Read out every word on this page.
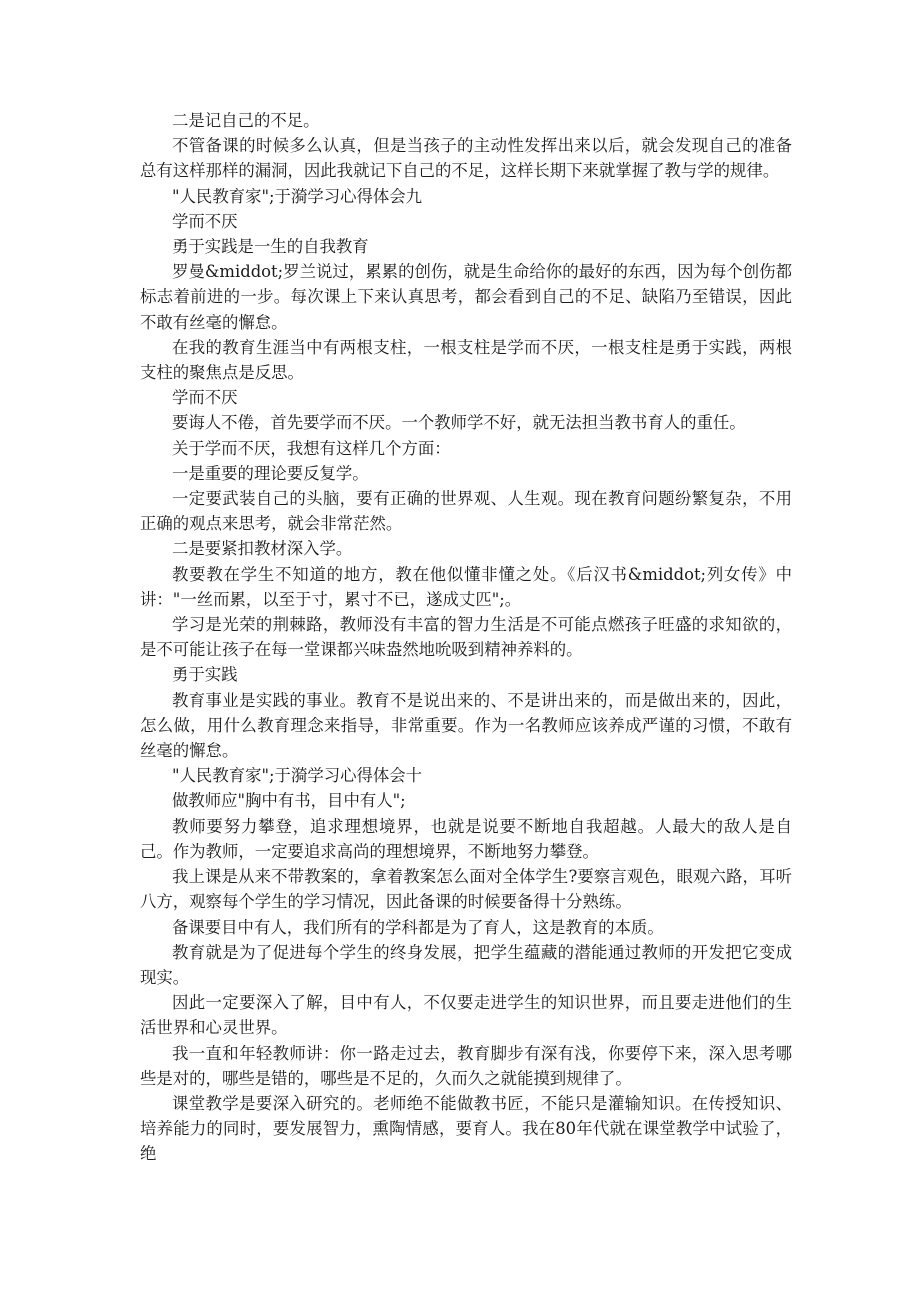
二是记自己的不足。

不管备课的时候多么认真，但是当孩子的主动性发挥出来以后，就会发现自己的准备总有这样那样的漏洞，因此我就记下自己的不足，这样长期下来就掌握了教与学的规律。

"人民教育家";于漪学习心得体会九

学而不厌

勇于实践是一生的自我教育

罗曼&middot;罗兰说过，累累的创伤，就是生命给你的最好的东西，因为每个创伤都标志着前进的一步。每次课上下来认真思考，都会看到自己的不足、缺陷乃至错误，因此不敢有丝毫的懈怠。

在我的教育生涯当中有两根支柱，一根支柱是学而不厌，一根支柱是勇于实践，两根支柱的聚焦点是反思。

学而不厌

要诲人不倦，首先要学而不厌。一个教师学不好，就无法担当教书育人的重任。

关于学而不厌，我想有这样几个方面：

一是重要的理论要反复学。

一定要武装自己的头脑，要有正确的世界观、人生观。现在教育问题纷繁复杂，不用正确的观点来思考，就会非常茫然。

二是要紧扣教材深入学。

教要教在学生不知道的地方，教在他似懂非懂之处。《后汉书&middot;列女传》中讲："一丝而累，以至于寸，累寸不已，遂成丈匹";。

学习是光荣的荆棘路，教师没有丰富的智力生活是不可能点燃孩子旺盛的求知欲的，是不可能让孩子在每一堂课都兴味盎然地吮吸到精神养料的。

勇于实践

教育事业是实践的事业。教育不是说出来的、不是讲出来的，而是做出来的，因此，怎么做，用什么教育理念来指导，非常重要。作为一名教师应该养成严谨的习惯，不敢有丝毫的懈怠。

"人民教育家";于漪学习心得体会十

做教师应"胸中有书，目中有人";

教师要努力攀登，追求理想境界，也就是说要不断地自我超越。人最大的敌人是自己。作为教师，一定要追求高尚的理想境界，不断地努力攀登。

我上课是从来不带教案的，拿着教案怎么面对全体学生?要察言观色，眼观六路，耳听八方，观察每个学生的学习情况，因此备课的时候要备得十分熟练。

备课要目中有人，我们所有的学科都是为了育人，这是教育的本质。

教育就是为了促进每个学生的终身发展，把学生蕴藏的潜能通过教师的开发把它变成现实。

因此一定要深入了解，目中有人，不仅要走进学生的知识世界，而且要走进他们的生活世界和心灵世界。

我一直和年轻教师讲：你一路走过去，教育脚步有深有浅，你要停下来，深入思考哪些是对的，哪些是错的，哪些是不足的，久而久之就能摸到规律了。

课堂教学是要深入研究的。老师绝不能做教书匠，不能只是灌输知识。在传授知识、培养能力的同时，要发展智力，熏陶情感，要育人。我在80年代就在课堂教学中试验了，绝
